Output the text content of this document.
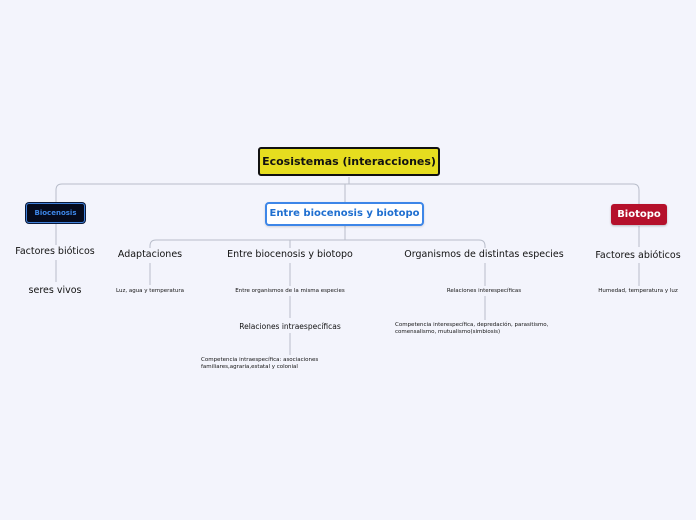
Ecosistemas (interacciones)
Biocenosis
Factores bióticos
seres vivos
Entre biocenosis y biotopo
Adaptaciones
Luz, agua y temperatura
Entre biocenosis y biotopo
Entre organismos de la misma especies
Relaciones intraespecíficas
Competencia intraespecífica: asociaciones
familiares,agraria,estatal y colonial
Organismos de distintas especies
Relaciones interespecíficas
Competencia interespecífica, depredación, parasitismo,
comensalismo, mutualismo(simbiosis)
Biotopo
Factores abióticos
Humedad, temperatura y luz
